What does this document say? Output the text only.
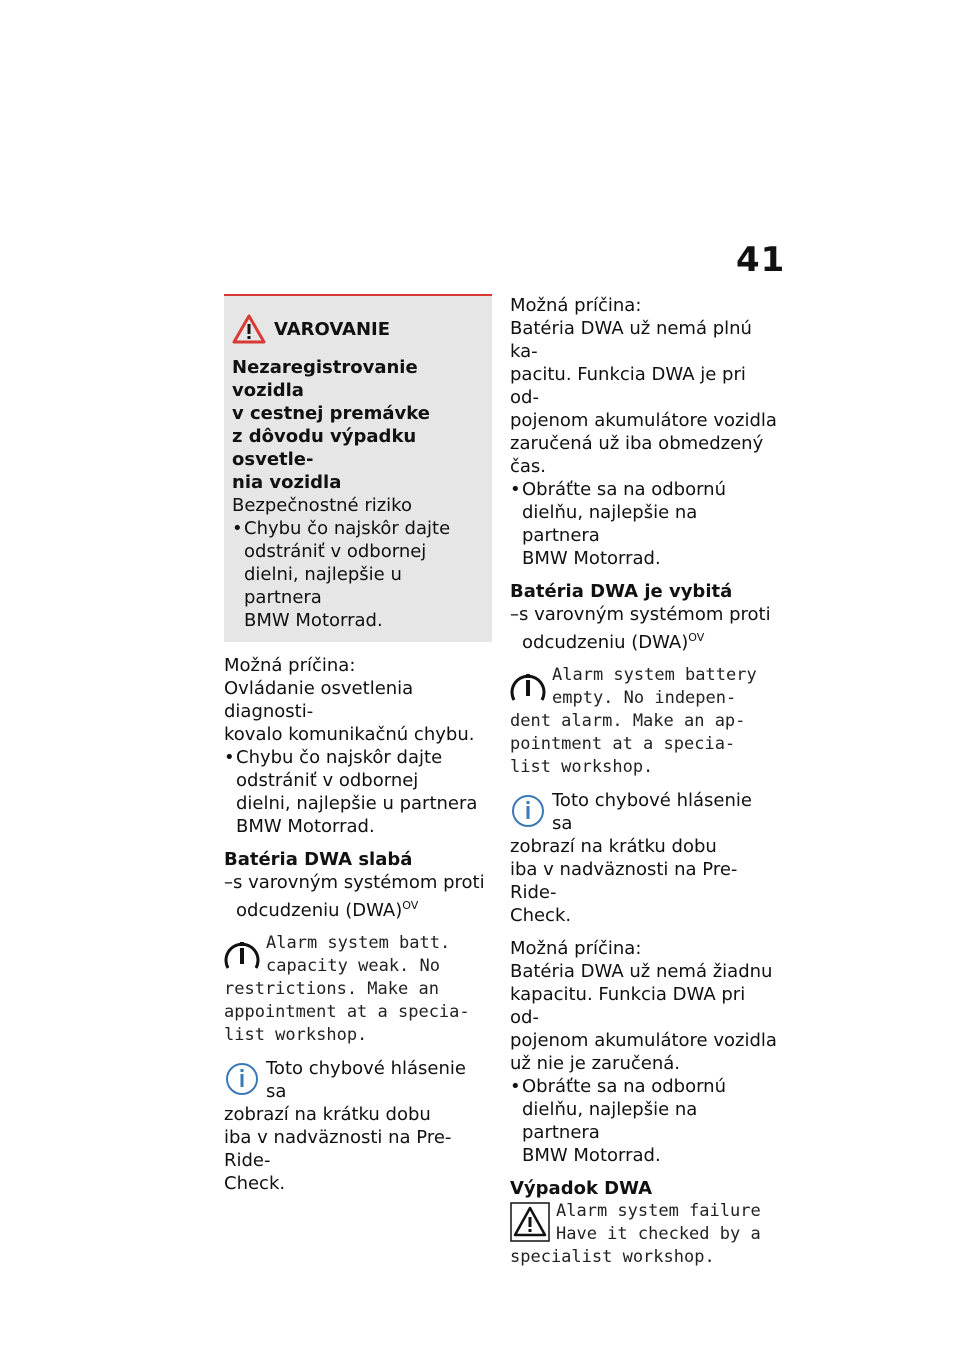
41
VAROVANIE
Nezaregistrovanie vozidla
v cestnej premávke
z dôvodu výpadku osvetle-
nia vozidla
Bezpečnostné riziko
• Chybu čo najskôr dajte
odstrániť v odbornej
dielni, najlepšie u partnera
BMW Motorrad.
Možná príčina:
Ovládanie osvetlenia diagnosti-
kovalo komunikačnú chybu.
• Chybu čo najskôr dajte
odstrániť v odbornej
dielni, najlepšie u partnera
BMW Motorrad.
Batéria DWA slabá
–s varovným systémom proti
odcudzeniu (DWA)$^{OV}$
Alarm system batt.
capacity weak. No
restrictions. Make an
appointment at a specia-
list workshop.
Toto chybové hlásenie sa
zobrazí na krátku dobu
iba v nadväznosti na Pre-Ride-
Check.
Možná príčina:
Batéria DWA už nemá plnú ka-
pacitu. Funkcia DWA je pri od-
pojenom akumulátore vozidla
zaručená už iba obmedzený
čas.
• Obráťte sa na odbornú
dielňu, najlepšie na partnera
BMW Motorrad.
Batéria DWA je vybitá
–s varovným systémom proti
odcudzeniu (DWA)$^{OV}$
Alarm system battery
empty. No indepen-
dent alarm. Make an ap-
pointment at a specia-
list workshop.
Toto chybové hlásenie sa
zobrazí na krátku dobu
iba v nadväznosti na Pre-Ride-
Check.
Možná príčina:
Batéria DWA už nemá žiadnu
kapacitu. Funkcia DWA pri od-
pojenom akumulátore vozidla
už nie je zaručená.
• Obráťte sa na odbornú
dielňu, najlepšie na partnera
BMW Motorrad.
Výpadok DWA
Alarm system failure
Have it checked by a
specialist workshop.
